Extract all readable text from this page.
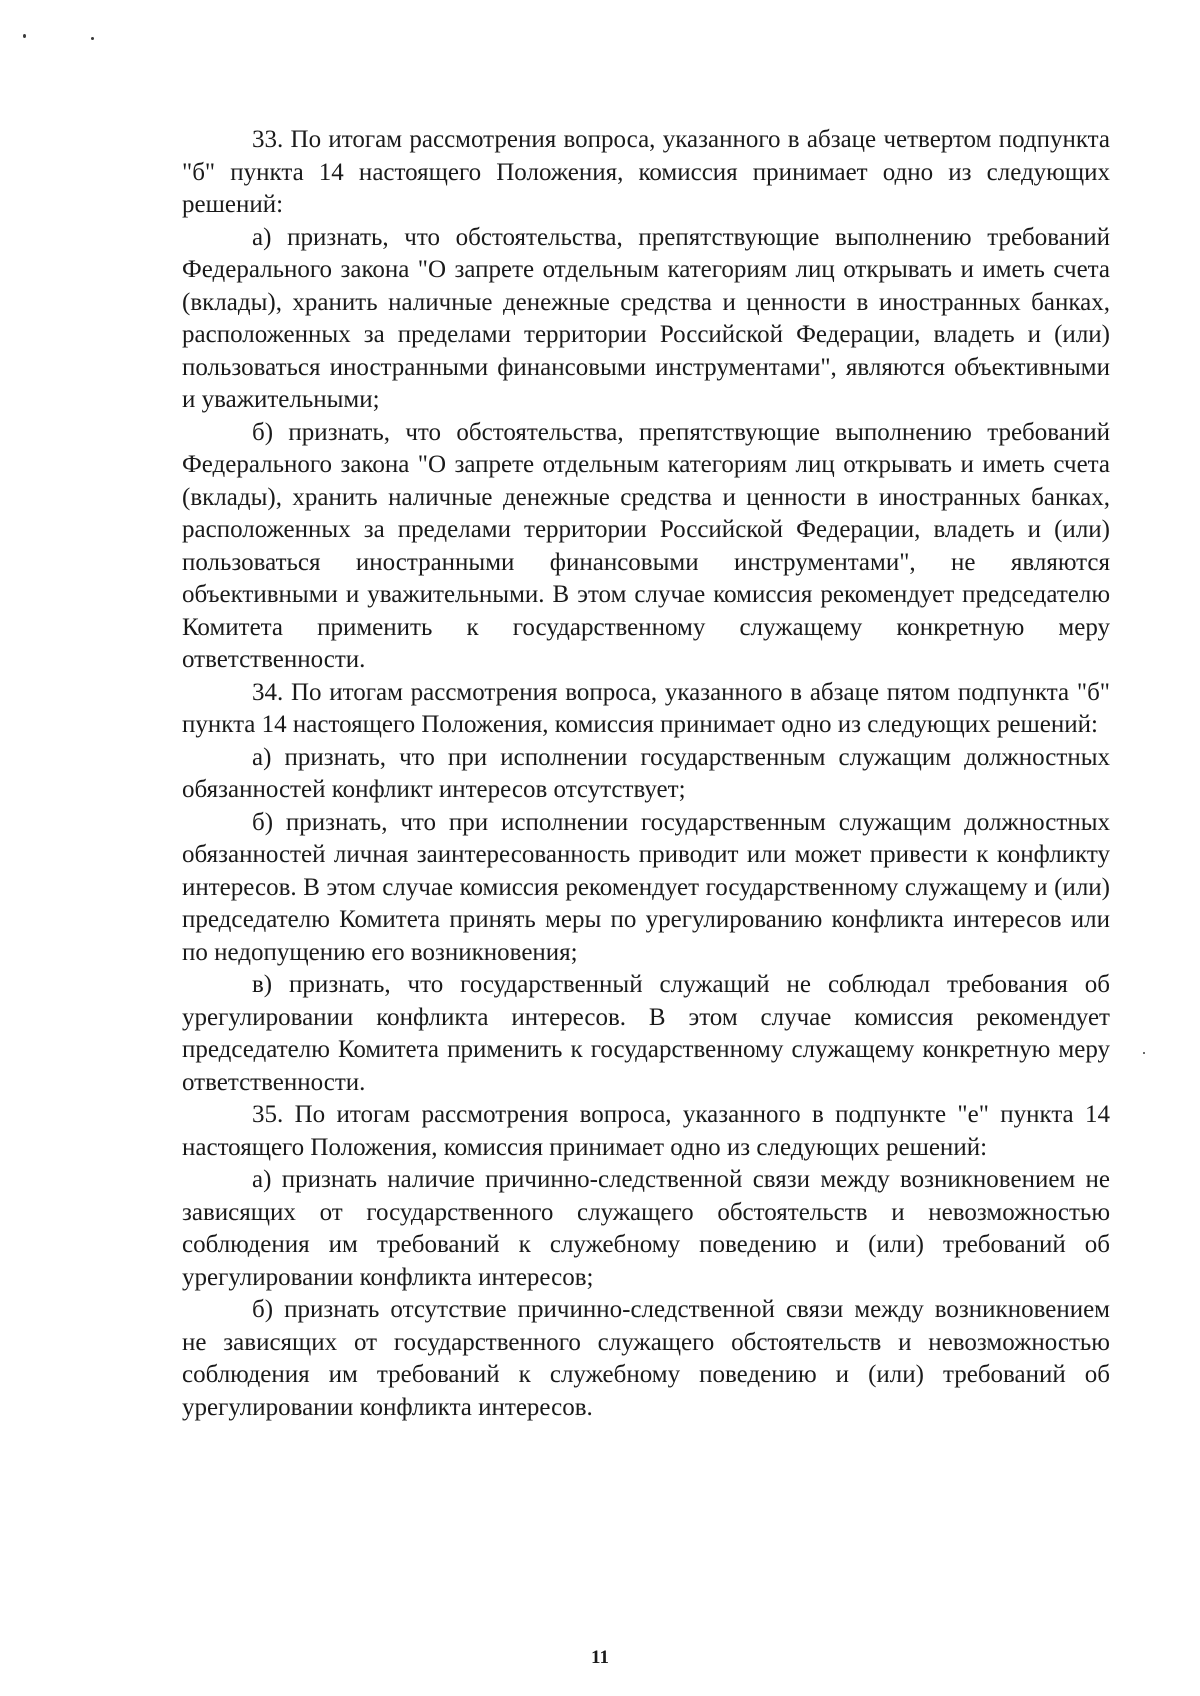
33. По итогам рассмотрения вопроса, указанного в абзаце четвертом подпункта "б" пункта 14 настоящего Положения, комиссия принимает одно из следующих решений:

а) признать, что обстоятельства, препятствующие выполнению требований Федерального закона "О запрете отдельным категориям лиц открывать и иметь счета (вклады), хранить наличные денежные средства и ценности в иностранных банках, расположенных за пределами территории Российской Федерации, владеть и (или) пользоваться иностранными финансовыми инструментами", являются объективными и уважительными;

б) признать, что обстоятельства, препятствующие выполнению требований Федерального закона "О запрете отдельным категориям лиц открывать и иметь счета (вклады), хранить наличные денежные средства и ценности в иностранных банках, расположенных за пределами территории Российской Федерации, владеть и (или) пользоваться иностранными финансовыми инструментами", не являются объективными и уважительными. В этом случае комиссия рекомендует председателю Комитета применить к государственному служащему конкретную меру ответственности.

34. По итогам рассмотрения вопроса, указанного в абзаце пятом подпункта "б" пункта 14 настоящего Положения, комиссия принимает одно из следующих решений:

а) признать, что при исполнении государственным служащим должностных обязанностей конфликт интересов отсутствует;

б) признать, что при исполнении государственным служащим должностных обязанностей личная заинтересованность приводит или может привести к конфликту интересов. В этом случае комиссия рекомендует государственному служащему и (или) председателю Комитета принять меры по урегулированию конфликта интересов или по недопущению его возникновения;

в) признать, что государственный служащий не соблюдал требования об урегулировании конфликта интересов. В этом случае комиссия рекомендует председателю Комитета применить к государственному служащему конкретную меру ответственности.

35. По итогам рассмотрения вопроса, указанного в подпункте "е" пункта 14 настоящего Положения, комиссия принимает одно из следующих решений:

а) признать наличие причинно-следственной связи между возникновением не зависящих от государственного служащего обстоятельств и невозможностью соблюдения им требований к служебному поведению и (или) требований об урегулировании конфликта интересов;

б) признать отсутствие причинно-следственной связи между возникновением не зависящих от государственного служащего обстоятельств и невозможностью соблюдения им требований к служебному поведению и (или) требований об урегулировании конфликта интересов.

11
